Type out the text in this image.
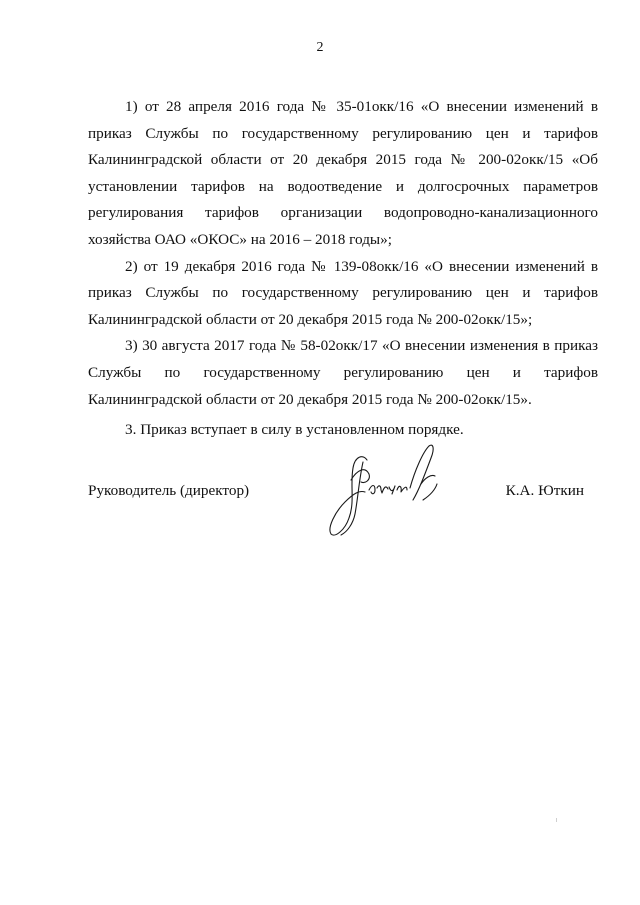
2

1) от 28 апреля 2016 года № 35-01окк/16 «О внесении изменений в приказ Службы по государственному регулированию цен и тарифов Калининградской области от 20 декабря 2015 года № 200-02окк/15 «Об установлении тарифов на водоотведение и долгосрочных параметров регулирования тарифов организации водопроводно-канализационного хозяйства ОАО «ОКОС» на 2016 – 2018 годы»;

2) от 19 декабря 2016 года № 139-08окк/16 «О внесении изменений в приказ Службы по государственному регулированию цен и тарифов Калининградской области от 20 декабря 2015 года № 200-02окк/15»;

3) 30 августа 2017 года № 58-02окк/17 «О внесении изменения в приказ Службы по государственному регулированию цен и тарифов Калининградской области от 20 декабря 2015 года № 200-02окк/15».

3. Приказ вступает в силу в установленном порядке.

Руководитель (директор)	К.А. Юткин
